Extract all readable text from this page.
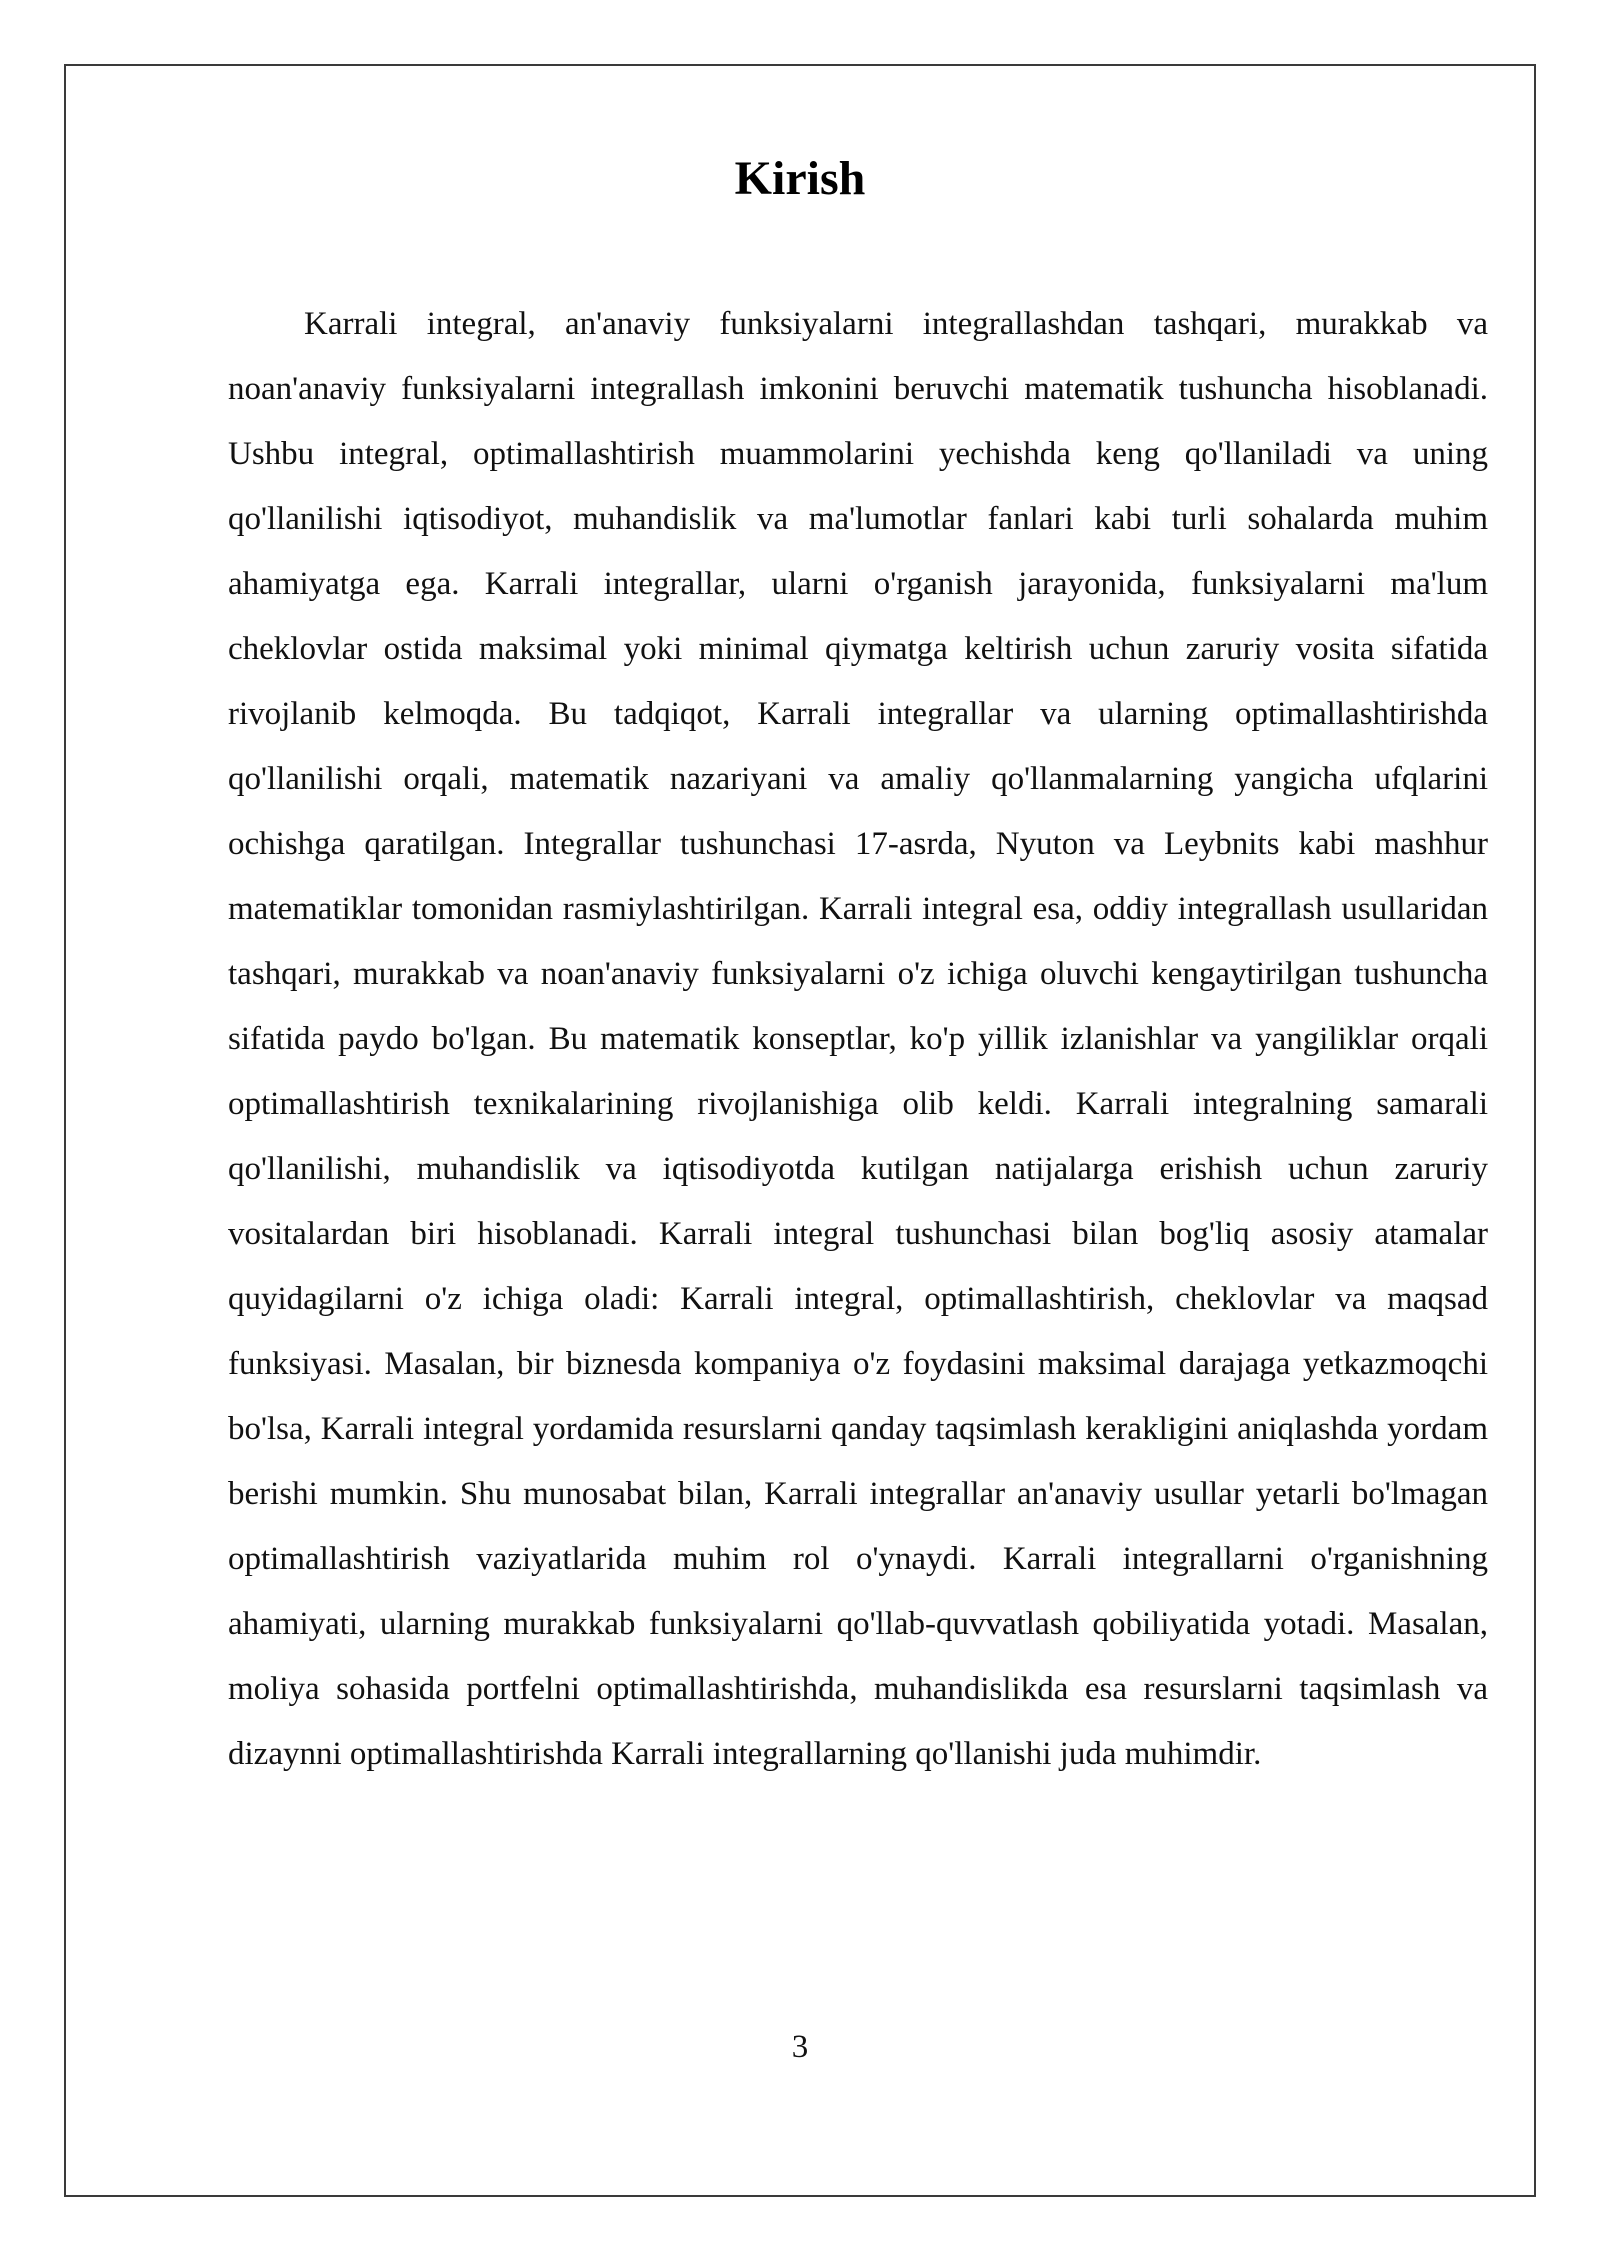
Kirish

Karrali integral, an'anaviy funksiyalarni integrallashdan tashqari, murakkab va noan'anaviy funksiyalarni integrallash imkonini beruvchi matematik tushuncha hisoblanadi. Ushbu integral, optimallashtirish muammolarini yechishda keng qo'llaniladi va uning qo'llanilishi iqtisodiyot, muhandislik va ma'lumotlar fanlari kabi turli sohalarda muhim ahamiyatga ega. Karrali integrallar, ularni o'rganish jarayonida, funksiyalarni ma'lum cheklovlar ostida maksimal yoki minimal qiymatga keltirish uchun zaruriy vosita sifatida rivojlanib kelmoqda. Bu tadqiqot, Karrali integrallar va ularning optimallashtirishda qo'llanilishi orqali, matematik nazariyani va amaliy qo'llanmalarning yangicha ufqlarini ochishga qaratilgan. Integrallar tushunchasi 17-asrda, Nyuton va Leybnits kabi mashhur matematiklar tomonidan rasmiylashtirilgan. Karrali integral esa, oddiy integrallash usullaridan tashqari, murakkab va noan'anaviy funksiyalarni o'z ichiga oluvchi kengaytirilgan tushuncha sifatida paydo bo'lgan. Bu matematik konseptlar, ko'p yillik izlanishlar va yangiliklar orqali optimallashtirish texnikalarining rivojlanishiga olib keldi. Karrali integralning samarali qo'llanilishi, muhandislik va iqtisodiyotda kutilgan natijalarga erishish uchun zaruriy vositalardan biri hisoblanadi. Karrali integral tushunchasi bilan bog'liq asosiy atamalar quyidagilarni o'z ichiga oladi: Karrali integral, optimallashtirish, cheklovlar va maqsad funksiyasi. Masalan, bir biznesda kompaniya o'z foydasini maksimal darajaga yetkazmoqchi bo'lsa, Karrali integral yordamida resurslarni qanday taqsimlash kerakligini aniqlashda yordam berishi mumkin. Shu munosabat bilan, Karrali integrallar an'anaviy usullar yetarli bo'lmagan optimallashtirish vaziyatlarida muhim rol o'ynaydi. Karrali integrallarni o'rganishning ahamiyati, ularning murakkab funksiyalarni qo'llab-quvvatlash qobiliyatida yotadi. Masalan, moliya sohasida portfelni optimallashtirishda, muhandislikda esa resurslarni taqsimlash va dizaynni optimallashtirishda Karrali integrallarning qo'llanishi juda muhimdir.

3
